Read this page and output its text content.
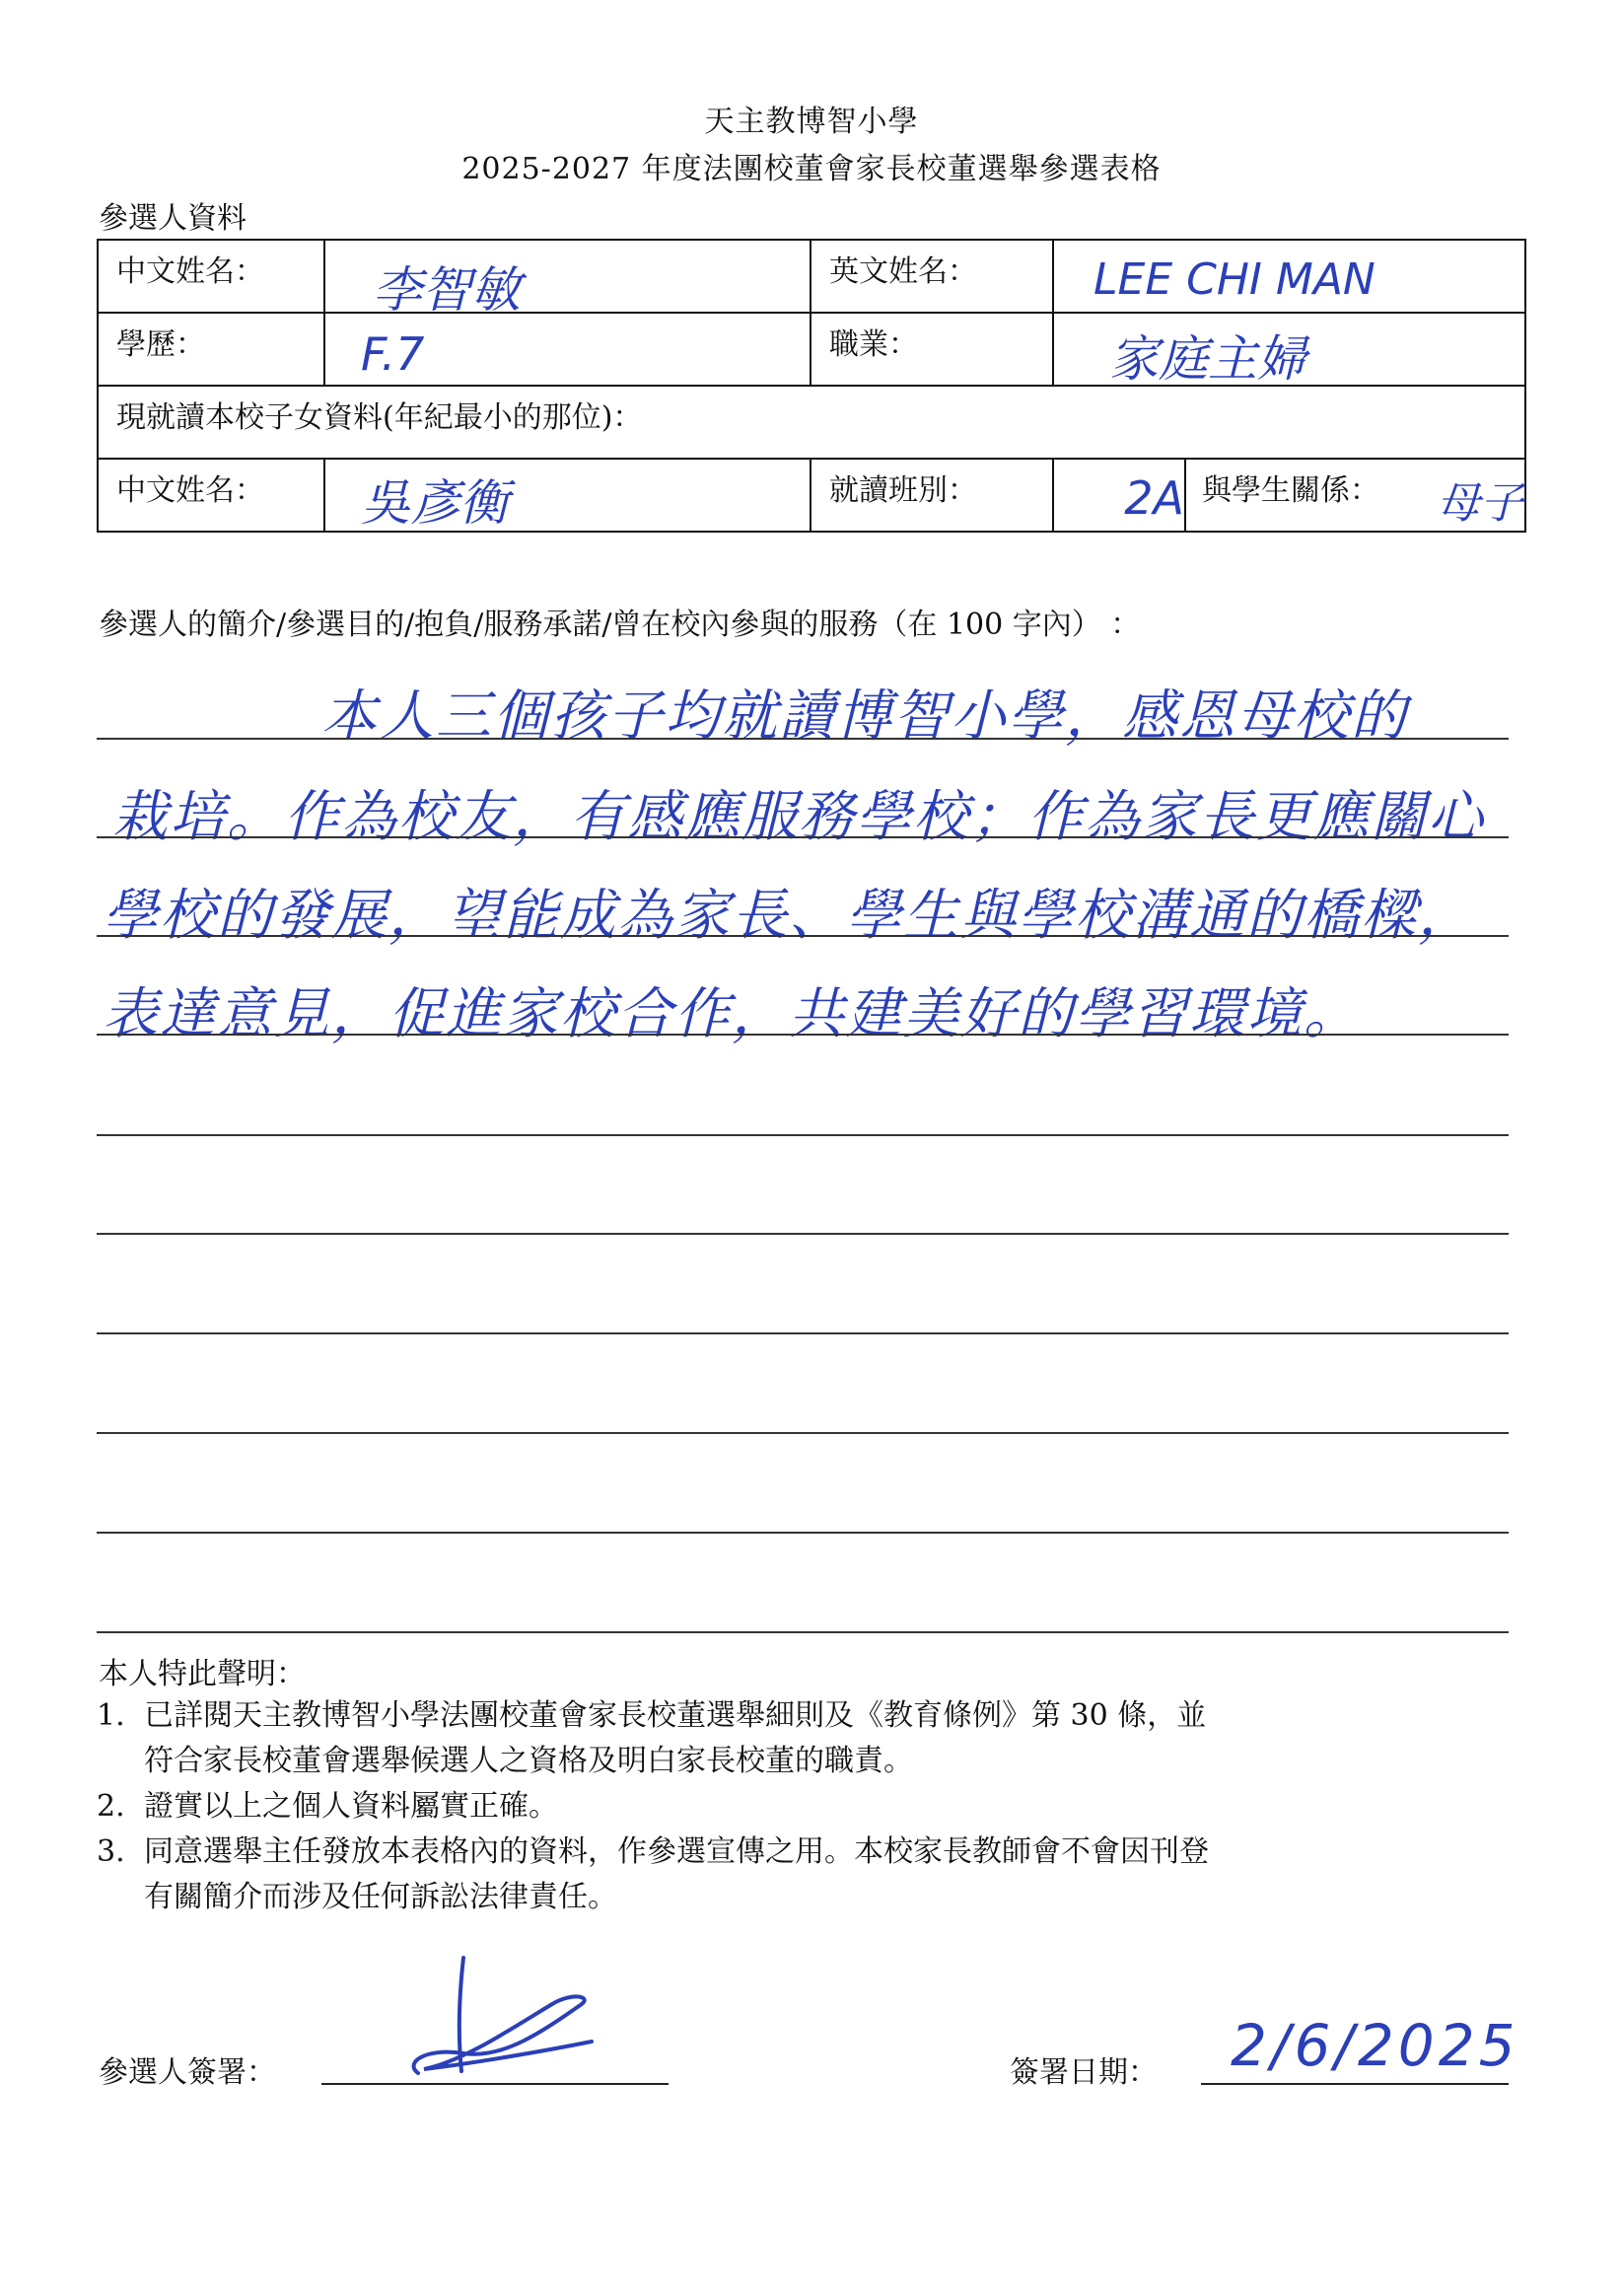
天主教博智小學
2025-2027 年度法團校董會家長校董選舉參選表格
參選人資料
中文姓名：	李智敏	英文姓名：	LEE CHI MAN

學歷：	F.7	職業：	家庭主婦

現就讀本校子女資料(年紀最小的那位)：			

中文姓名：	吳彥衡	就讀班別：	2A 與學生關係： 母子
參選人的簡介/參選目的/抱負/服務承諾/曾在校內參與的服務（在 100 字內） ：
本人三個孩子均就讀博智小學，感恩母校的
栽培。作為校友，有感應服務學校；作為家長更應關心
學校的發展，望能成為家長、學生與學校溝通的橋樑，
表達意見，促進家校合作，共建美好的學習環境。
本人特此聲明：
1. 已詳閱天主教博智小學法團校董會家長校董選舉細則及《教育條例》第 30 條，並
符合家長校董會選舉候選人之資格及明白家長校董的職責。
2. 證實以上之個人資料屬實正確。
3. 同意選舉主任發放本表格內的資料，作參選宣傳之用。本校家長教師會不會因刊登
有關簡介而涉及任何訴訟法律責任。
參選人簽署：	簽署日期： 2/6/2025
